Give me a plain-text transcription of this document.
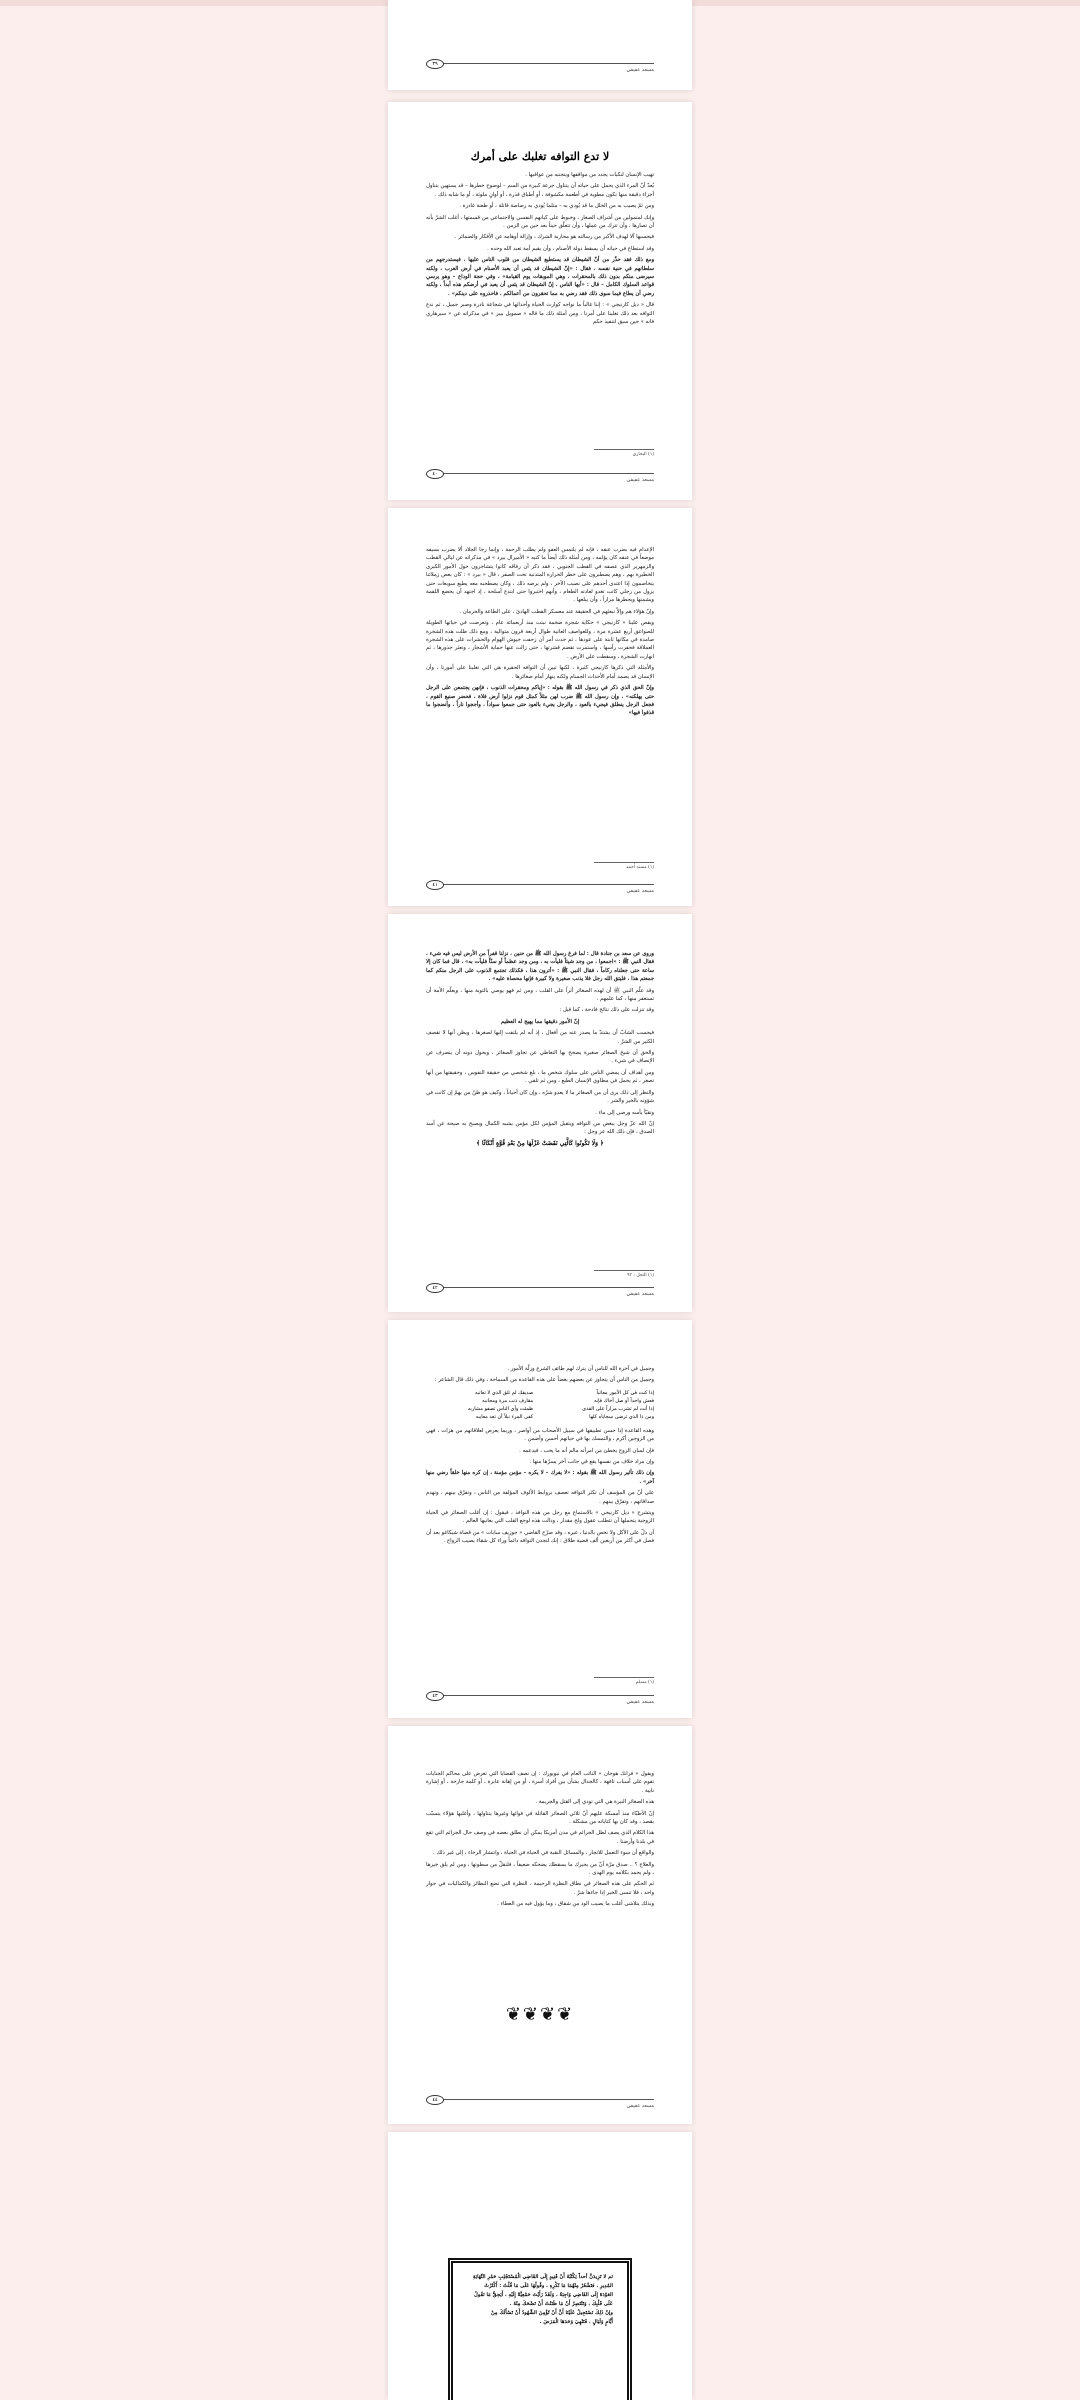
٣٩
مسعد عفيفي
لا تدع التوافه تغلبك على أمرك

تهيب الإنسان لنكبات يجدد من مواقفها ويتجنبه من عواقبها .

يُعدّ أنّ المرء الذي يحمل على حياته أن يتناول جرعة كبيرة من السم – لوضوح خطرها – قد يستهين بتناول أجزاء دقيقة منها تكون مطوية في أطعمة مكشوفة ، أو أطباق قذرة ، أو أوانٍ ملوثة ، أو ما شابه ذلك .

ومن ثمّ يصيب به من الخلل ما قد يُودي به – مثلما يُودي به رصاصة قاتلة ، أو طعنة غادرة .

وإنك لمتمولين من أشراف الصغار ، وخبوط على كيانهم النفسي والاجتماعي من قسمتها ، أغلب الشرّ بأنه أن تصارها ، وأن تترك من عملها ، وأن تتعلّق حيناً بعد حين من الزمن .

فيحسبها آلا لهدف الأكبر من رسالته هو محاربة الشرك ، وإزالة أوهامه عن الأفكار والضمائر .

وقد استطاع في حياته أن يسقط دولة الأصنام ، وأن يقيم أمة تعبد الله وحده .

ومع ذلك فقد حذّر من أنّ الشيطان قد يستطيع الشيطان من قلوب الناس عليها ، فيستدرجهم من سلطانهم في حنية نفسه ، فقال : «إنّ الشيطان قد يئس أن يعبد الأصنام في أرض العرب ، ولكنه سيرضى منكم بدون ذلك بالمحقرات ، وهي الموبقات يوم القيامة» ، وفي حجة الوداع – وهو يرسي قواعد السلوك الكامل – قال : «أيها الناس ، إنّ الشيطان قد يئس أن يعبد في أرضكم هذه أبداً ، ولكنه رضي أن يطاع فيما سوى ذلك فقد رضي به مما تحقرون من أعمالكم ، فاحذروه على دينكم» .

قال « ديل كارنيجي » : إننا غالباً ما نواجه كوارث الحياة وأحداثها في شجاعة نادرة وصبر جميل ، ثم ندع التوافه بعد ذلك تغلبنا على أمرنا ، ومن أمثلة ذلك ما قاله « صمويل بيبز » في مذكراته عن « سيرهاري فانه » حين سيق لتنفيذ حكم

(١) البخاري
٤٠
مسعد عفيفي

الإعدام فيه بضرب عنقه ، فإنه لم يلتمس العفو ولم يطلب الرحمة ، وإنما رجا الجلاد ألا يضرب بسيفه موضعاً في عنقه كان يؤلمه ، ومن أمثلة ذلك أيضاً ما كتبه « الأميرال بيرد » في مذكراته عن ليالي القطب والزمهرير الذي عصفه في القطب الجنوبي ، فقد ذكر أن رفاقه كانوا يتشاجرون حول الأمور الكبرى الخطيرة بهم ، وهم يصطبرون على خطر الحرارة المتدنية تحت الصفر ، قال « بيرد » : كان بعض زملائنا يتخاصمون إذا اعتدى أحدهم على نصيب الآخر ، ولم يرضه ذلك ، وكان يصطحبه معه يطيع سويعات حتى يزول من رجلي كانت تغدو لعادته الطعام ، وأنهم اختبروا حتى ابتدع أسلحة ، إذ اجتهد أن يحضع اللقمة ويشمتها ويحطرها مراراً ، وأن يبلعها .

وإنّ هؤلاء هم وإلاّ تبعثهم في الحقيقة عند معسكر القطب الهادئ ، على الطاعة والحرمان .

ويقص علينا « كارنيجي » حكاية شجرة ضخمة نبتت منذ أربعمائة عام ، وتعرضت في حياتها الطويلة للصواعق أربع عشرة مرة ، وللعواصف العاتية طوال أربعة قرون متوالية ، ومع ذلك ظلت هذه الشجرة صامدة في مكانها ثابتة على عودها ، ثم حدث أمر أن زحفت جيوش الهوام والحشرات على هذه الشجرة العملاقة فحفرت رأسها ، واستمرت تقضم قشرتها ، حتى زالت عنها حماية الأشجار ، وتعثر جذورها ، ثم انهارت الشجرة ، وسقطت على الأرض .

والأمثلة التي ذكرها كارنيجي كثيرة ، لكنها تبين أن التوافه الحقيرة هي التي تغلبنا على أمورنا ، وأن الإنسان قد يصمد أمام الأحداث الجسام ولكنه ينهار أمام صغائرها .

وإنّ الحق الذي ذكر في رسول الله ﷺ بقوله : «إياكم ومحقرات الذنوب ، فإنهن يجتمعن على الرجل حتى يهلكنه» ، وإن رسول الله ﷺ ضرب لهن مثلاً كمثل قوم نزلوا أرض فلاة ، فحضر صنيع القوم ، فجعل الرجل ينطلق فيجيء بالعود ، والرجل يجيء بالعود حتى جمعوا سواداً ، وأججوا ناراً ، وأنضجوا ما قذفوا فيها»

(١) مسند أحمد
٤١
مسعد عفيفي

وروى عن سعد بن جنادة قال : لما فرغ رسول الله ﷺ من حنين ، نزلنا قفراً من الأرض ليس فيه شيء ، فقال النبي ﷺ : «اجمعوا ، من وجد شيئاً فليأت به ، ومن وجد عظماً أو سنّاً فليأت به» ، قال فما كان إلا ساعة حتى جعلناه ركاماً ، فقال النبي ﷺ : «أترون هذا ، فكذلك تجتمع الذنوب على الرجل منكم كما جمعتم هذا ، فليتق الله رجل فلا يذنب صغيرة ولا كبيرة فإنها محصاة عليه» .

وقد علّم النبي ﷺ أن لهذه الصغائر أثراً على القلب ، ومن ثم فهو يوصي بالتوبة منها ، ويعلّم الأمة أن تستغفر منها ، كما علمهم .

وقد تنزلت على ذلك نتائج فادحة ، كما قيل :

إنّ الأمور دقيقها مما يهيج له العظيم

فيحسب الشابّ أن يشتدّ ما يصدر عنه من أفعال ، إذ أنه لم يلتفت إليها لصغرها ، ويظن أنها لا تقصف الكثير من الشرّ .

والحق أن شيخ الصغائر صغيرة يصحح بها التعاطي عن تجاوز الصغائر ، ويحول دونه أن ينصرف عن الإنصاف في شيء .

ومن أهداف أن يمضي الناس على سلوك شخص ما ، بلغ شخصي من حقيقة النفوس ، وحقيقتها من أنها تصغر ، ثم يحمل في مطاوي الإنسان الطبع ، ومن ثم تلقي .

والنظر إلى ذلك يرى أن من الصغائر ما لا يعدو شرّه ، وإن كان أحياناً ، وكيف هو ظنّ من يهمّ إن كانت في شؤونه بالخير والشر .

وتقيّأ يأسه ورضى إلى ماء .

إنّ الله عزّ وجل يبغض من التوافه ويتقبل المؤمن لكل مؤمن يشبه الكمال ويصبح به صيحة عن أسد الصدق ، فإن ذلك الله عز وجل :

﴿ وَلَا تَكُونُوا كَالَّتِي نَقَضَتْ غَزْلَهَا مِنْ بَعْدِ قُوَّةٍ أَنْكَاثًا ﴾
(١) النحل : ٩٢
٤٢
مسعد عفيفي

وجميل في آخرة الله للناس أن يترك لهم طائف الشرع وزلّة الأمور .

وجميل من الناس أن يتجاوز عن بعضهم بعضاً على هذه القاعدة من السماحة ، وفي ذلك قال الشاعر :

إذا كنت في كل الأمور معاتباً
فعش واحداً أو صل أخاك فإنه
إذا أنت لم تشرب مراراً على القذى
ومن ذا الذي ترضى سجاياه كلها
صديقك لم تلق الذي لا تعاتبه
مقارف ذنب مرة ومجانبه
ظمئت وأي الناس تصفو مشاربه
كفى المرء نبلاً أن تعد معايبه

وهذه القاعدة إذا حسن تطبيقها في سبيل الأصحاب من أواصر ، وربما يعرض لعلاقاتهم من هزات ، فهي من الزوجين أكرم ، والتمسك بها في حياتهم أحسن وأضمن .

فإن لسان الزوج يخطئ من امرأته مالم أنه ما يحب ، فيدعمه .

وإن مراد خلاف من نفسها يقع في جانب أخر يسرّها منها .

وإن ذلك تأثير رسول الله ﷺ بقوله : «لا يفرك – لا يكره – مؤمن مؤمنة ، إن كره منها خلقاً رضي منها آخر» .

على أنّ من المؤسف أن تكثر التوافه تعصف بروابط الألوف المؤلفة من الناس ، وتفرّق بينهم ، وتهدم صداقاتهم ، وتفرّق بينهم .

ويتشرح « ديل كارنيجي » بالاستماع مع رجل من هذه النوافذ ، فيقول : إن أغلب الصغائر في الحياة الزوجية يتحملها أن تتطلب عقول ولح مقدار ، ودالت هذه لوجع القلب التي يعانيها العالم .

أن دلّ على الأكل ولا نخص بالدنيا ، غيره ، وقد صرّح القاضي « جوزيف سابات » من قضاة شيكاغو بعد أن فصل في أكثر من أربعين ألف قضية طلاق : إنك لتجدن التوافه دائماً وراء كل شقاء يصيب الزواج .

(١) مسلم
٤٣
مسعد عفيفي

ويقول « فرانك هوجان » النائب العام في نيويورك : إن نصف القضايا التي تعرض على محاكم الجنايات تقوم على أسباب تافهة ، كالجدال بشأن بين أفراد أسرة ، أو من إهانة عابرة ، أو كلمة جارحة ، أو إشارة نابية .

هذه الصغائر النيرة هي التي تودي إلى القتل والجريمة .

إنّ الأطبّاء منذ أمسكة عليهم أنّ ثلاثي الصغائر القاتلة في فوائها وغيرها يتناولها ، وأغلبها هؤلاء يتسبّب بقصد ، وقد كان بها كتاباته من مشكلة .

هذا الكلام الذي يصف لطل الجرائم في مدن أمريكا يمكن أن نطلق بعضه في وصف حال الجرائم التي تقع في بلدنا وأرضنا .

والواقع أن سوء التعمل للاتجار ، والمسائل النقية في الحياة في الحياة ، وانتشار الرخاء ، إلى غير ذلك .

والعلاج ؟ .. صدق مرّة أنّ من يحيرك ما يسقطك يضحكه ضعيفاً ، فلنقلّ من سطوتها ، ومن لم يلق خيرها ، ولم يحمد بكلامه يوم الهدى .

ثم الحكم على هذه الصغائر في نطاق النظرة الرحيمة ، النظرة التي تضع النظائر والكماليات في جوار واحد ، فلا تنسى الخير إذا جاءها شرّ .

وبذلك يتلاشى أغلب ما يصيب الود من شقاق ، وما يؤول فيه من العطاء .

❦❦❦❦
٤٤
مسعد عفيفي

ثم لا تَزِيدَنَّ أحداً يَكْتُبُهُ أَنْ قَنِيدٍ إِلَى القَاضِي الْمُسْتَجْلِبِ حَمْرِ النِّهَايَةِ

المُدِيرِ ، فتَشْعُرُ مِنْهُمَا مَا نُكْرِهِ ، وقُولُهَا عَلَى مَا قُلْتُ : أَكْثَرْتُ

العَوْدَةَ إِلَى القَاضِي وَاجِبَةٌ ، وَلَقَدْ رَأَيْتَ حَمْعِيَّةً إِلَيْهِ ، أَيَحِقُّ مَا نَقُولُ

عَلَى قَلْبِكَ ، وَتَنْتَصِرُ أَنْ مَا ظَنَنْتُ أَنْ تَضْحَكَ مِنْهُ .

وإنّ ذَلِكَ نَسْتَجِيلُ عَلَيْنَا أَنَّ أَنْ تُؤْمِنَ الشِّهُودُ أَنْ تَسْأَلَكَ مِنْ

أَيَّامٍ وَلَيَالٍ ، فَتَنْهِيَ وَحَدَهَا الْمَرَضَ .
